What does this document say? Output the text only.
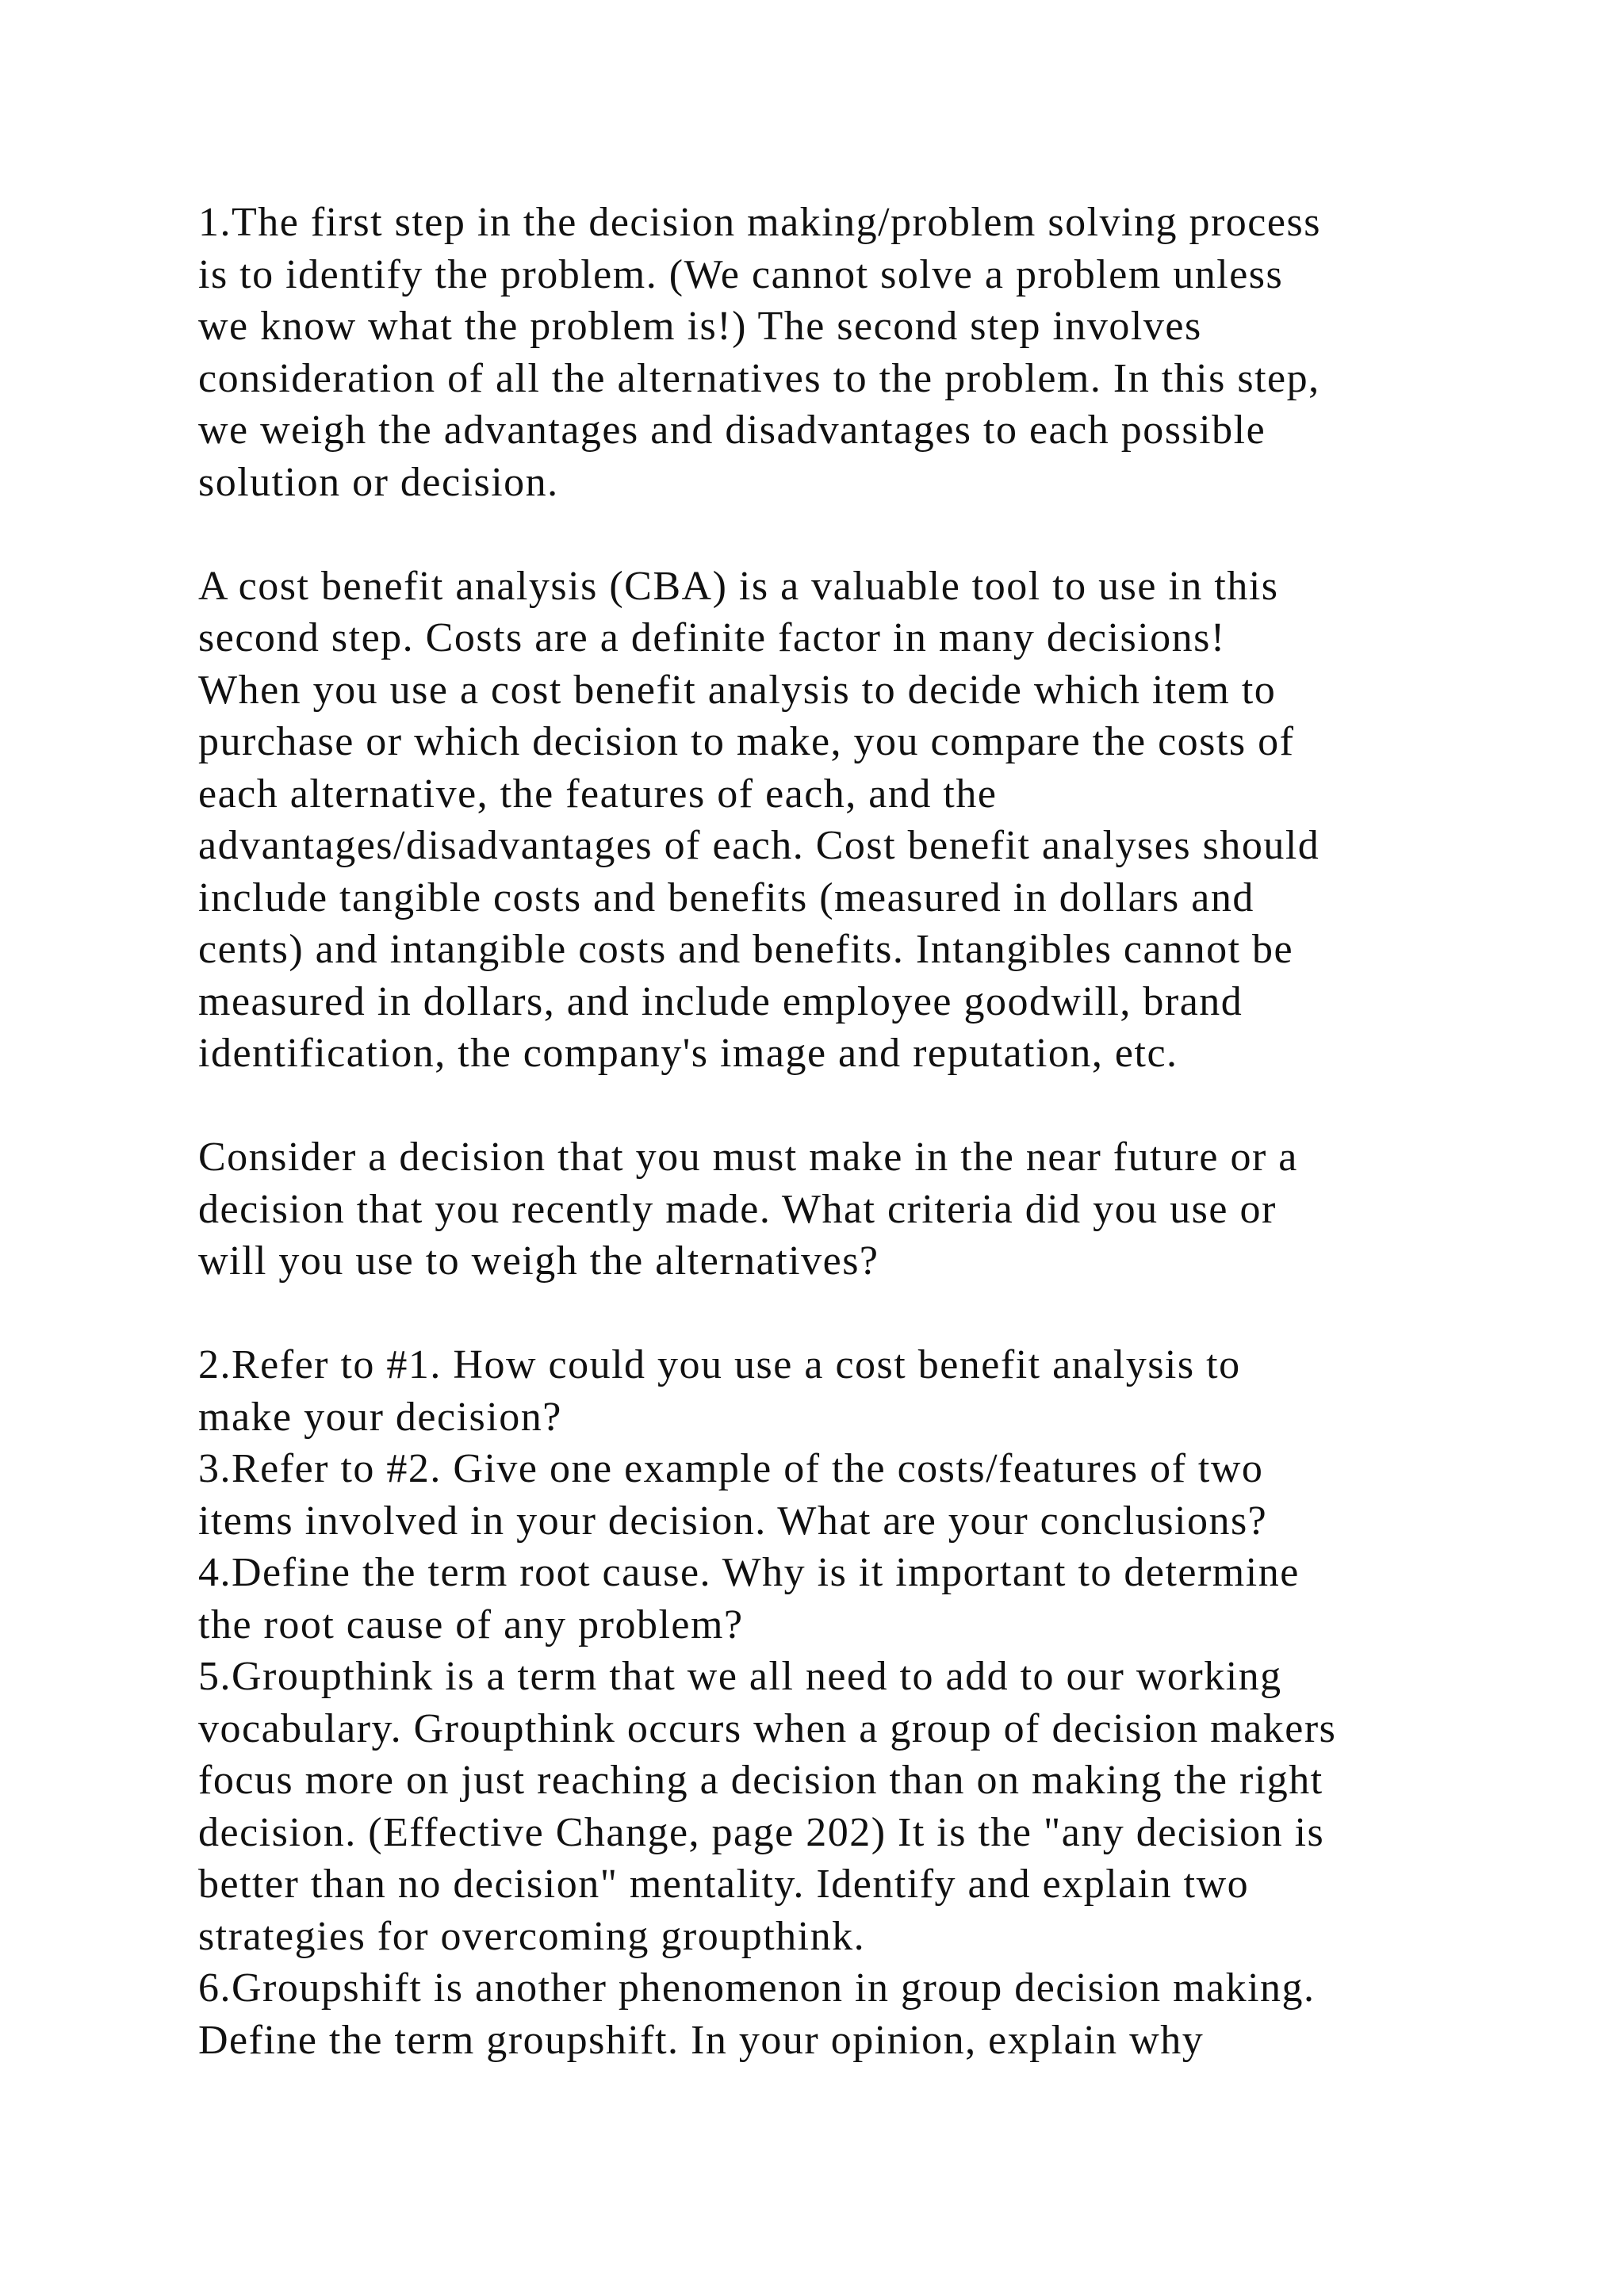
1.The first step in the decision making/problem solving process
is to identify the problem. (We cannot solve a problem unless
we know what the problem is!) The second step involves
consideration of all the alternatives to the problem. In this step,
we weigh the advantages and disadvantages to each possible
solution or decision.
A cost benefit analysis (CBA) is a valuable tool to use in this
second step. Costs are a definite factor in many decisions!
When you use a cost benefit analysis to decide which item to
purchase or which decision to make, you compare the costs of
each alternative, the features of each, and the
advantages/disadvantages of each. Cost benefit analyses should
include tangible costs and benefits (measured in dollars and
cents) and intangible costs and benefits. Intangibles cannot be
measured in dollars, and include employee goodwill, brand
identification, the company's image and reputation, etc.
Consider a decision that you must make in the near future or a
decision that you recently made. What criteria did you use or
will you use to weigh the alternatives?
2.Refer to #1. How could you use a cost benefit analysis to
make your decision?
3.Refer to #2. Give one example of the costs/features of two
items involved in your decision. What are your conclusions?
4.Define the term root cause. Why is it important to determine
the root cause of any problem?
5.Groupthink is a term that we all need to add to our working
vocabulary. Groupthink occurs when a group of decision makers
focus more on just reaching a decision than on making the right
decision. (Effective Change, page 202) It is the "any decision is
better than no decision" mentality. Identify and explain two
strategies for overcoming groupthink.
6.Groupshift is another phenomenon in group decision making.
Define the term groupshift. In your opinion, explain why
